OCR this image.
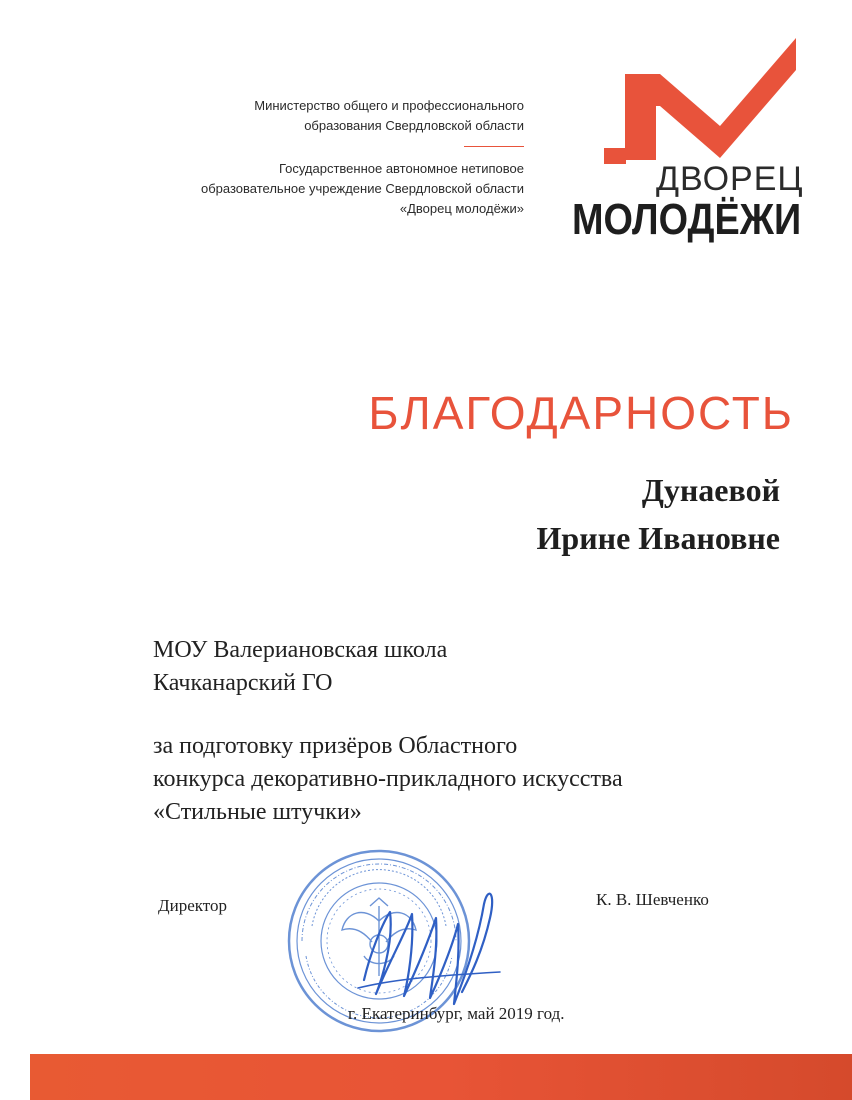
Министерство общего и профессионального

образования Свердловской области

Государственное автономное нетиповое

образовательное учреждение Свердловской области

«Дворец молодёжи»

ДВОРЕЦ
МОЛОДЁЖИ
БЛАГОДАРНОСТЬ
Дунаевой
Ирине Ивановне

МОУ Валериановская школа

Качканарский ГО

за подготовку призёров Областного

конкурса декоративно-прикладного искусства

«Стильные штучки»

Директор	К. В. Шевченко
г. Екатеринбург, май 2019 год.
